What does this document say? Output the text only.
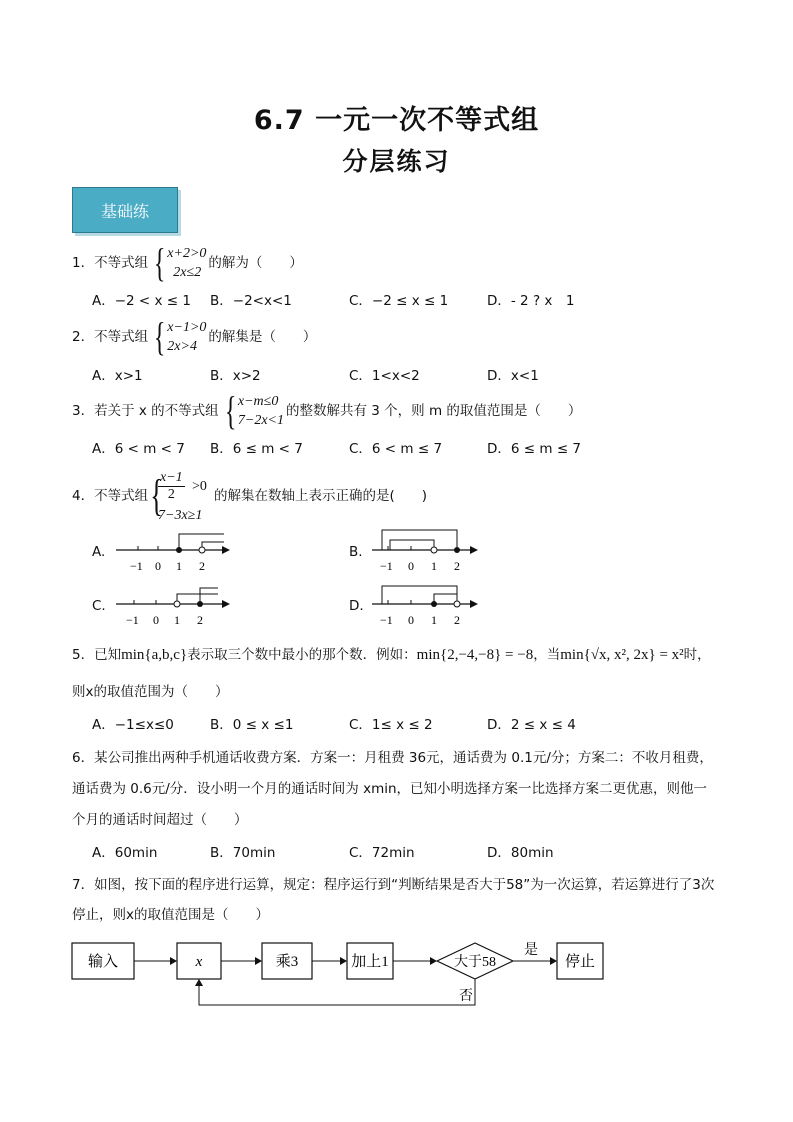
6.7 一元一次不等式组
分层练习
基础练
1．不等式组 { x+2>0
2x≤2
的解为（　　）
A．−2 < x ≤ 1 B．−2<x<1	C．−2 ≤ x ≤ 1	D．- 2 ? x　1
2．不等式组 { x−1>0
2x>4
的解集是（　　）
A．x>1	B．x>2	C．1<x<2	D．x<1
3．若关于 x 的不等式组 { x−m≤0
7−2x<1
的整数解共有 3 个，则 m 的取值范围是（　　）
A．6 < m < 7 B．6 ≤ m < 7	C．6 < m ≤ 7	D．6 ≤ m ≤ 7
4．不等式组 {
$\frac{x-1}{2} >0$
7−3x≥1
的解集在数轴上表示正确的是(　　)
A.
−1 0 1 2
B.
−1 0 1 2
C.
−1 0 1 2
D.
−1 0 1 2
5．已知min{a,b,c}表示取三个数中最小的那个数．例如：min{2,−4,−8} = −8，当min{√x, x², 2x} = x²时，
则x的取值范围为（　　）
A．−1≤x≤0	B．0 ≤ x ≤1	C．1≤ x ≤ 2	D．2 ≤ x ≤ 4
6．某公司推出两种手机通话收费方案．方案一：月租费 36元，通话费为 0.1元/分；方案二：不收月租费，
通话费为 0.6元/分．设小明一个月的通话时间为 xmin，已知小明选择方案一比选择方案二更优惠，则他一
个月的通话时间超过（　　）
A．60min	B．70min	C．72min	D．80min
7．如图，按下面的程序进行运算，规定：程序运行到“判断结果是否大于58”为一次运算，若运算进行了3次
停止，则x的取值范围是（　　）
输入	x	乘3	加上1	大于58
是
停止
否
